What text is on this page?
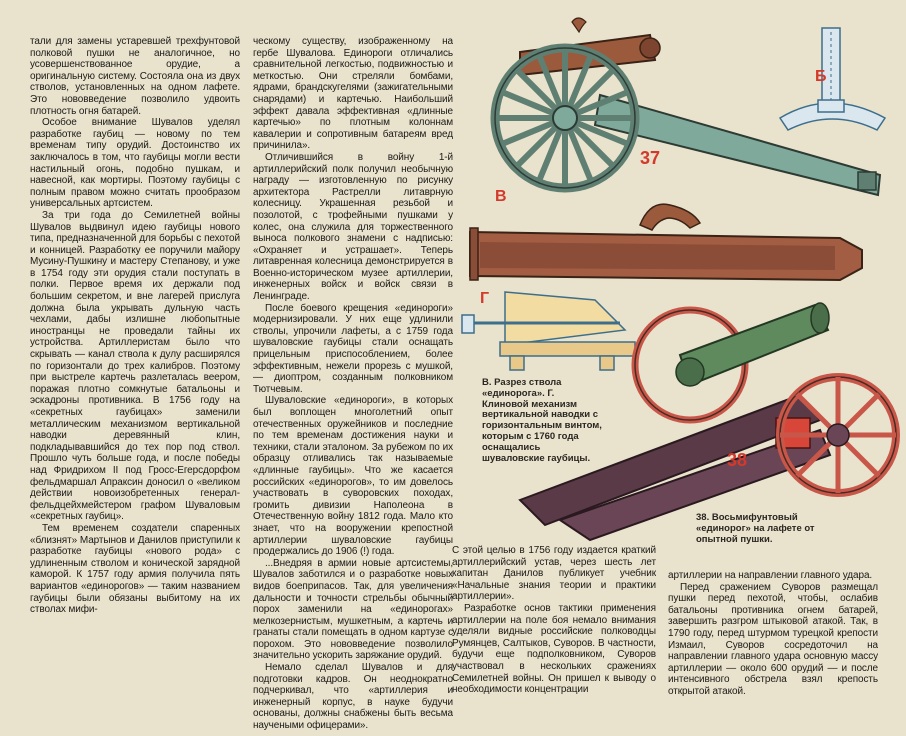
тали для замены устаревшей трехфунтовой полковой пушки не аналогичное, но усовершенствованное орудие, а оригинальную систему. Состояла она из двух стволов, установленных на одном лафете. Это нововведение позволило удвоить плотность огня батарей.

Особое внимание Шувалов уделял разработке гаубиц — новому по тем временам типу орудий. Достоинство их заключалось в том, что гаубицы могли вести настильный огонь, подобно пушкам, и навесной, как мортиры. Поэтому гаубицы с полным правом можно считать прообразом универсальных артсистем.

За три года до Семилетней войны Шувалов выдвинул идею гаубицы нового типа, предназначенной для борьбы с пехотой и конницей. Разработку ее поручили майору Мусину-Пушкину и мастеру Степанову, и уже в 1754 году эти орудия стали поступать в полки. Первое время их держали под большим секретом, и вне лагерей прислуга должна была укрывать дульную часть чехлами, дабы излишне любопытные иностранцы не проведали тайны их устройства. Артиллеристам было что скрывать — канал ствола к дулу расширялся по горизонтали до трех калибров. Поэтому при выстреле картечь разлеталась веером, поражая плотно сомкнутые батальоны и эскадроны противника. В 1756 году на «секретных гаубицах» заменили металлическим механизмом вертикальной наводки деревянный клин, подкладывавшийся до тех пор под ствол. Прошло чуть больше года, и после победы над Фридрихом II под Гросс-Егерсдорфом фельдмаршал Апраксин доносил о «великом действии новоизобретенных генерал-фельдцейхмейстером графом Шуваловым «секретных гаубиц».

Тем временем создатели спаренных «близнят» Мартынов и Данилов приступили к разработке гаубицы «нового рода» с удлиненным стволом и конической зарядной каморой. К 1757 году армия получила пять вариантов «единорогов» — таким названием гаубицы были обязаны выбитому на их стволах мифи-

ческому существу, изображенному на гербе Шувалова. Единороги отличались сравнительной легкостью, подвижностью и меткостью. Они стреляли бомбами, ядрами, брандскугелями (зажигательными снарядами) и картечью. Наибольший эффект давала эффективная «длинные картечью» по плотным колоннам кавалерии и сопротивным батареям вред причинила».

Отличившийся в войну 1-й артиллерийский полк получил необычную награду — изготовленную по рисунку архитектора Растрелли литаврную колесницу. Украшенная резьбой и позолотой, с трофейными пушками у колес, она служила для торжественного выноса полкового знамени с надписью: «Охраняет и устрашает». Теперь литавренная колесница демонстрируется в Военно-историческом музее артиллерии, инженерных войск и войск связи в Ленинграде.

После боевого крещения «единороги» модернизировали. У них еще удлинили стволы, упрочили лафеты, а с 1759 года шуваловские гаубицы стали оснащать прицельным приспособлением, более эффективным, нежели прорезь с мушкой, — диоптром, созданным полковником Тютчевым.

Шуваловские «единороги», в которых был воплощен многолетний опыт отечественных оружейников и последние по тем временам достижения науки и техники, стали эталоном. За рубежом по их образцу отливались так называемые «длинные гаубицы». Что же касается российских «единорогов», то им довелось участвовать в суворовских походах, громить дивизии Наполеона в Отечественную войну 1812 года. Мало кто знает, что на вооружении крепостной артиллерии шуваловские гаубицы продержались до 1906 (!) года.

...Внедряя в армии новые артсистемы, Шувалов заботился и о разработке новых видов боеприпасов. Так, для увеличения дальности и точности стрельбы обычный порох заменили на «единорогах» мелкозернистым, мушкетным, а картечь и гранаты стали помещать в одном картузе с порохом. Это нововведение позволило значительно ускорить заряжание орудий.

Немало сделал Шувалов и для подготовки кадров. Он неоднократно подчеркивал, что «артиллерия и инженерный корпус, в науке будучи основаны, должны снабжены быть весьма научеными офицерами».

37
Б
В
Г
38
В. Разрез ствола «единорога». Г. Клиновой механизм вертикальной наводки с горизонтальным винтом, которым с 1760 года оснащались шуваловские гаубицы.
38. Восьмифунтовый «единорог» на лафете от опытной пушки.

С этой целью в 1756 году издается краткий артиллерийский устав, через шесть лет капитан Данилов публикует учебник «Начальные знания теории и практики артиллерии».

Разработке основ тактики применения артиллерии на поле боя немало внимания уделяли видные российские полководцы Румянцев, Салтыков, Суворов. В частности, будучи еще подполковником, Суворов участвовал в нескольких сражениях Семилетней войны. Он пришел к выводу о необходимости концентрации

артиллерии на направлении главного удара.

Перед сражением Суворов размещал пушки перед пехотой, чтобы, ослабив батальоны противника огнем батарей, завершить разгром штыковой атакой. Так, в 1790 году, перед штурмом турецкой крепости Измаил, Суворов сосредоточил на направлении главного удара основную массу артиллерии — около 600 орудий — и после интенсивного обстрела взял крепость открытой атакой.
